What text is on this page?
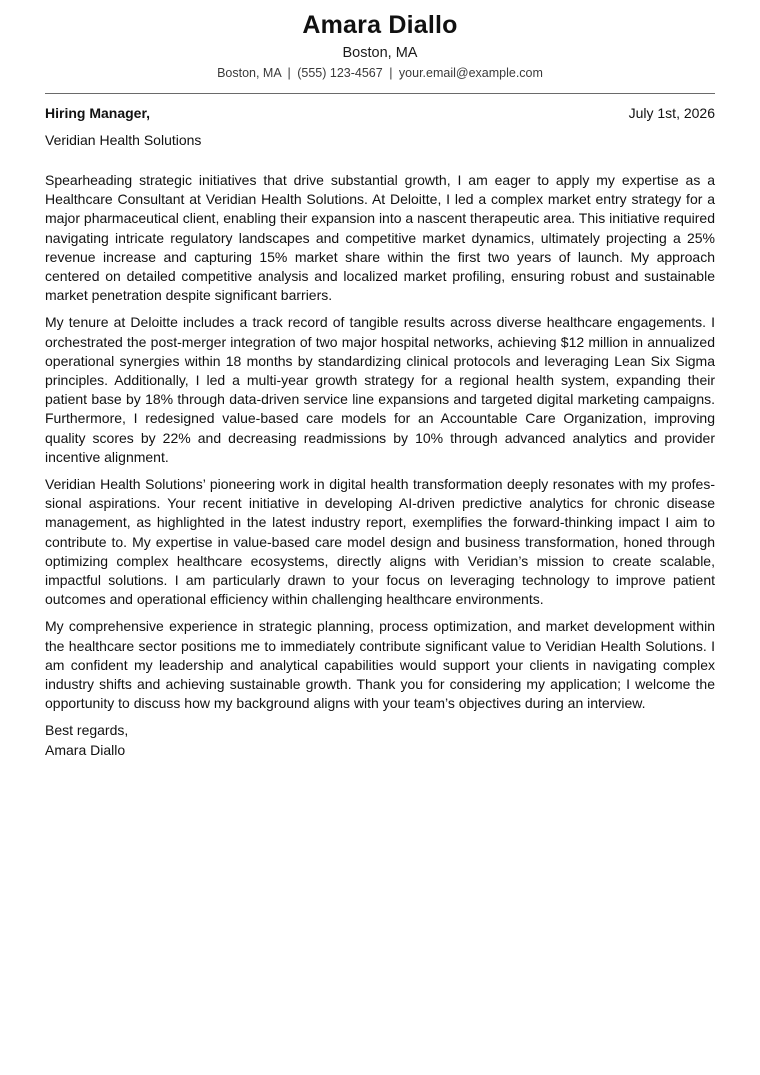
Amara Diallo
Boston, MA
Boston, MA | (555) 123-4567 | your.email@example.com
Hiring Manager,	July 1st, 2026
Veridian Health Solutions

Spearheading strategic initiatives that drive substantial growth, I am eager to apply my expertise as a Healthcare Consultant at Veridian Health Solutions. At Deloitte, I led a complex market entry strategy for a major pharmaceutical client, enabling their expansion into a nascent therapeutic area. This initiative required navigating intricate regulatory landscapes and competitive market dynamics, ultimately projecting a 25% revenue increase and capturing 15% market share within the first two years of launch. My approach centered on detailed competitive analysis and localized market profiling, ensuring robust and sustainable market penetration despite significant barriers.

My tenure at Deloitte includes a track record of tangible results across diverse healthcare engagements. I orchestrated the post-merger integration of two major hospital networks, achieving $12 million in annualized operational synergies within 18 months by standardizing clinical protocols and leveraging Lean Six Sigma principles. Additionally, I led a multi-year growth strategy for a regional health system, expanding their patient base by 18% through data-driven service line expansions and targeted digital marketing campaigns. Furthermore, I redesigned value-based care models for an Accountable Care Organization, improving quality scores by 22% and decreasing readmissions by 10% through advanced analytics and provider incentive alignment.

Veridian Health Solutions’ pioneering work in digital health transformation deeply resonates with my professional aspirations. Your recent initiative in developing AI-driven predictive analytics for chronic disease management, as highlighted in the latest industry report, exemplifies the forward-thinking impact I aim to contribute to. My expertise in value-based care model design and business transformation, honed through optimizing complex healthcare ecosystems, directly aligns with Veridian’s mission to create scalable, impactful solutions. I am particularly drawn to your focus on leveraging technology to improve patient outcomes and operational efficiency within challenging healthcare environments.

My comprehensive experience in strategic planning, process optimization, and market development within the healthcare sector positions me to immediately contribute significant value to Veridian Health Solutions. I am confident my leadership and analytical capabilities would support your clients in navigating complex industry shifts and achieving sustainable growth. Thank you for considering my application; I welcome the opportunity to discuss how my background aligns with your team’s objectives during an interview.

Best regards,
Amara Diallo
